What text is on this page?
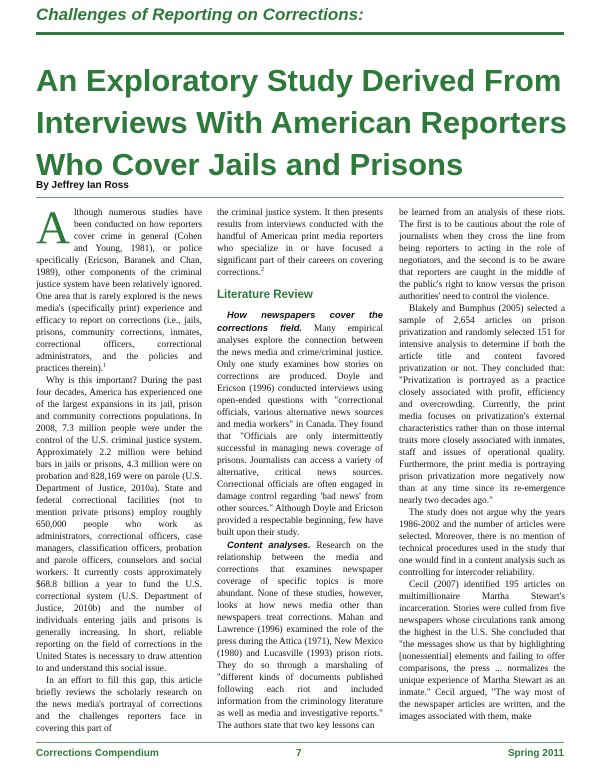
Challenges of Reporting on Corrections:
An Exploratory Study Derived From Interviews With American Reporters Who Cover Jails and Prisons
By Jeffrey Ian Ross

Although numerous studies have been conducted on how reporters cover crime in general (Cohen and Young, 1981), or police specifically (Ericson, Baranek and Chan, 1989), other components of the criminal justice system have been relatively ignored. One area that is rarely explored is the news media's (specifically print) experience and efficacy to report on corrections (i.e., jails, prisons, community corrections, inmates, correctional officers, correctional administrators, and the policies and practices therein).$^1$

Why is this important? During the past four decades, America has experienced one of the largest expansions in its jail, prison and community corrections populations. In 2008, 7.3 million people were under the control of the U.S. criminal justice system. Approximately 2.2 million were behind bars in jails or prisons, 4.3 million were on probation and 828,169 were on parole (U.S. Department of Justice, 2010a). State and federal correctional facilities (not to mention private prisons) employ roughly 650,000 people who work as administrators, correctional officers, case managers, classification officers, probation and parole officers, counselors and social workers. It currently costs approximately $68.8 billion a year to fund the U.S. correctional system (U.S. Department of Justice, 2010b) and the number of individuals entering jails and prisons is generally increasing. In short, reliable reporting on the field of corrections in the United States is necessary to draw attention to and understand this social issue.

In an effort to fill this gap, this article briefly reviews the scholarly research on the news media's portrayal of corrections and the challenges reporters face in covering this part of

the criminal justice system. It then presents results from interviews conducted with the handful of American print media reporters who specialize in or have focused a significant part of their careers on covering corrections.$^2$

Literature Review

How newspapers cover the corrections field. Many empirical analyses explore the connection between the news media and crime/criminal justice. Only one study examines how stories on corrections are produced. Doyle and Ericson (1996) conducted interviews using open-ended questions with "correctional officials, various alternative news sources and media workers" in Canada. They found that "Officials are only intermittently successful in managing news coverage of prisons. Journalists can access a variety of alternative, critical news sources. Correctional officials are often engaged in damage control regarding 'bad news' from other sources." Although Doyle and Ericson provided a respectable beginning, few have built upon their study.

Content analyses. Research on the relationship between the media and corrections that examines newspaper coverage of specific topics is more abundant. None of these studies, however, looks at how news media other than newspapers treat corrections. Mahan and Lawrence (1996) examined the role of the press during the Attica (1971), New Mexico (1980) and Lucasville (1993) prison riots. They do so through a marshaling of "different kinds of documents published following each riot and included information from the criminology literature as well as media and investigative reports." The authors state that two key lessons can

be learned from an analysis of these riots. The first is to be cautious about the role of journalists when they cross the line from being reporters to acting in the role of negotiators, and the second is to be aware that reporters are caught in the middle of the public's right to know versus the prison authorities' need to control the violence.

Blakely and Bumphus (2005) selected a sample of 2,654 articles on prison privatization and randomly selected 151 for intensive analysis to determine if both the article title and content favored privatization or not. They concluded that: "Privatization is portrayed as a practice closely associated with profit, efficiency and overcrowding. Currently, the print media focuses on privatization's external characteristics rather than on those internal traits more closely associated with inmates, staff and issues of operational quality. Furthermore, the print media is portraying prison privatization more negatively now than at any time since its re-emergence nearly two decades ago."

The study does not argue why the years 1986-2002 and the number of articles were selected. Moreover, there is no mention of technical procedures used in the study that one would find in a content analysis such as controlling for intercoder reliability.

Cecil (2007) identified 195 articles on multimillionaire Martha Stewart's incarceration. Stories were culled from five newspapers whose circulations rank among the highest in the U.S. She concluded that "the messages show us that by highlighting [nonessential] elements and failing to offer comparisons, the press ... normalizes the unique experience of Martha Stewart as an inmate." Cecil argued, "The way most of the newspaper articles are written, and the images associated with them, make

Corrections Compendium	7	Spring 2011
